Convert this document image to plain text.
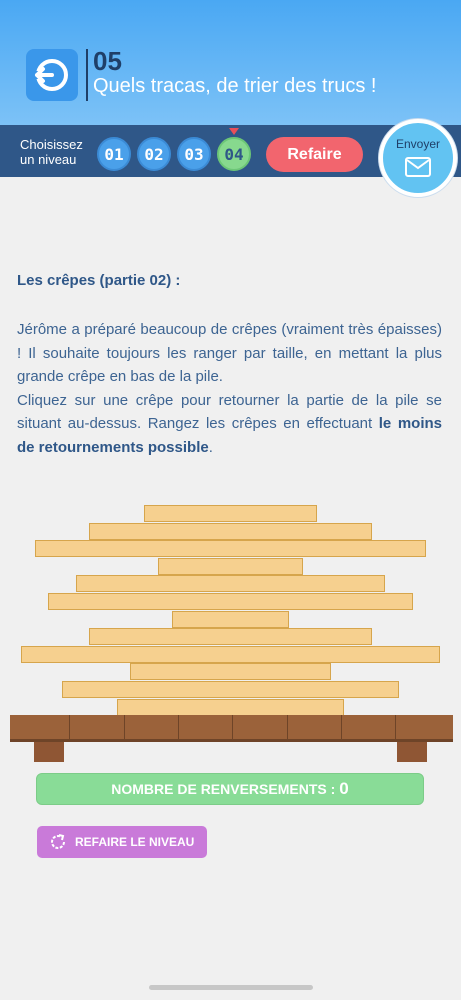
05
Quels tracas, de trier des trucs !
Choisissez
un niveau	01	02	03	04	Refaire
Envoyer
Les crêpes (partie 02) :
Jérôme a préparé beaucoup de crêpes (vraiment très épaisses) ! Il souhaite toujours les ranger par taille, en mettant la plus grande crêpe en bas de la pile.
Cliquez sur une crêpe pour retourner la partie de la pile se situant au-dessus. Rangez les crêpes en effectuant le moins de retournements possible.
NOMBRE DE RENVERSEMENTS : 0
REFAIRE LE NIVEAU
